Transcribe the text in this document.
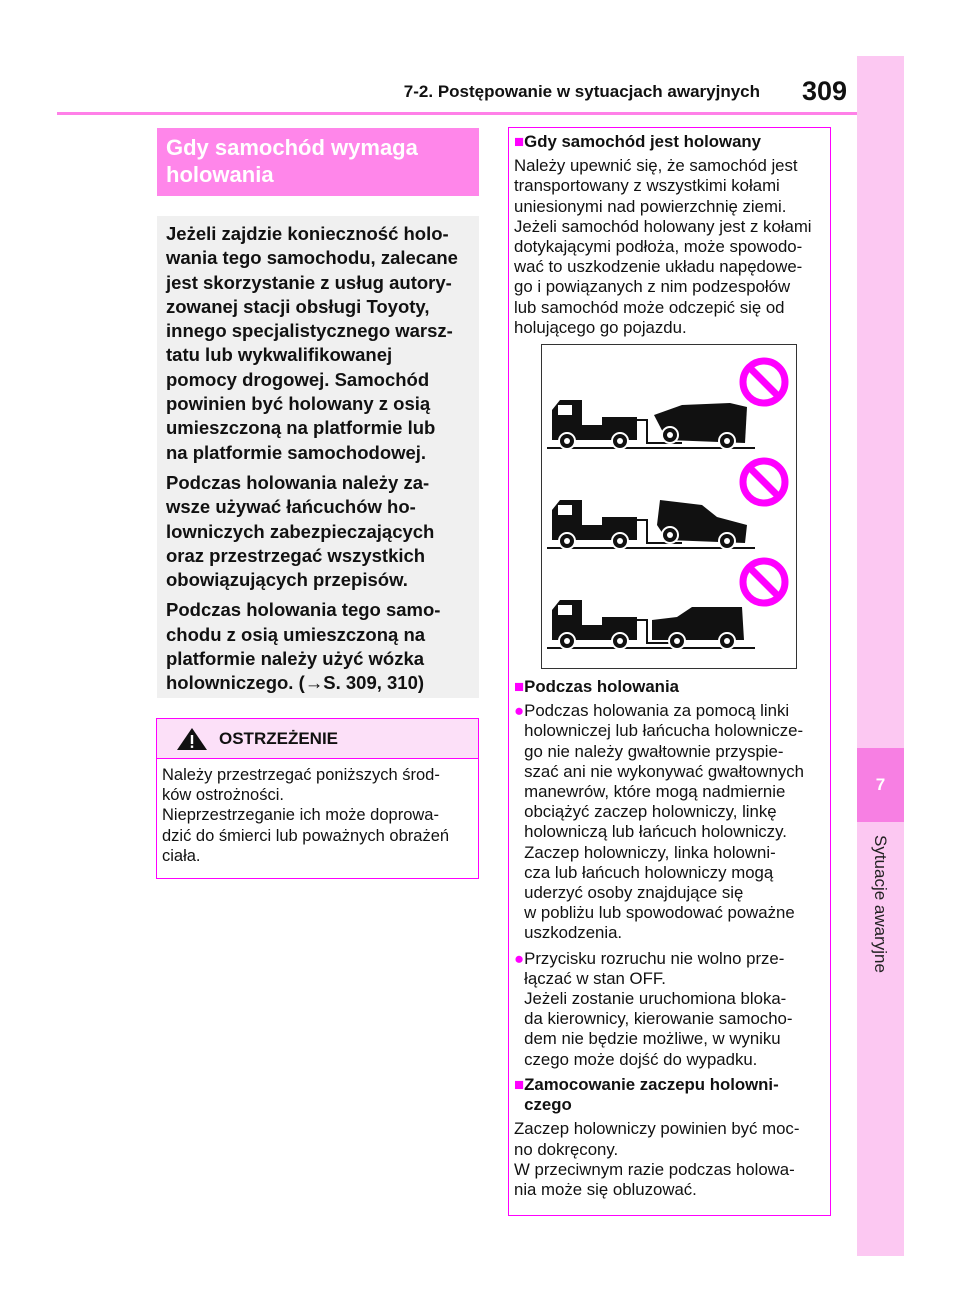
7-2. Postępowanie w sytuacjach awaryjnych 309
7
Sytuacje awaryjne
Gdy samochód wymaga
holowania

Jeżeli zajdzie konieczność holo-
wania tego samochodu, zalecane
jest skorzystanie z usług autory-
zowanej stacji obsługi Toyoty,
innego specjalistycznego warsz-
tatu lub wykwalifikowanej
pomocy drogowej. Samochód
powinien być holowany z osią
umieszczoną na platformie lub
na platformie samochodowej.

Podczas holowania należy za-
wsze używać łańcuchów ho-
lowniczych zabezpieczających
oraz przestrzegać wszystkich
obowiązujących przepisów.

Podczas holowania tego samo-
chodu z osią umieszczoną na
platformie należy użyć wózka
holowniczego. (→S. 309, 310)

OSTRZEŻENIE
Należy przestrzegać poniższych środ-
ków ostrożności.
Nieprzestrzeganie ich może doprowa-
dzić do śmierci lub poważnych obrażeń
ciała.
■Gdy samochód jest holowany
Należy upewnić się, że samochód jest
transportowany z wszystkimi kołami
uniesionymi nad powierzchnię ziemi.
Jeżeli samochód holowany jest z kołami
dotykającymi podłoża, może spowodo-
wać to uszkodzenie układu napędowe-
go i powiązanych z nim podzespołów
lub samochód może odczepić się od
holującego go pojazdu.
■Podczas holowania
● Podczas holowania za pomocą linki
holowniczej lub łańcucha holownicze-
go nie należy gwałtownie przyspie-
szać ani nie wykonywać gwałtownych
manewrów, które mogą nadmiernie
obciążyć zaczep holowniczy, linkę
holowniczą lub łańcuch holowniczy.
Zaczep holowniczy, linka holowni-
cza lub łańcuch holowniczy mogą
uderzyć osoby znajdujące się
w pobliżu lub spowodować poważne
uszkodzenia.
● Przycisku rozruchu nie wolno prze-
łączać w stan OFF.
Jeżeli zostanie uruchomiona bloka-
da kierownicy, kierowanie samocho-
dem nie będzie możliwe, w wyniku
czego może dojść do wypadku.
■ Zamocowanie zaczepu holowni-
czego
Zaczep holowniczy powinien być moc-
no dokręcony.
W przeciwnym razie podczas holowa-
nia może się obluzować.
